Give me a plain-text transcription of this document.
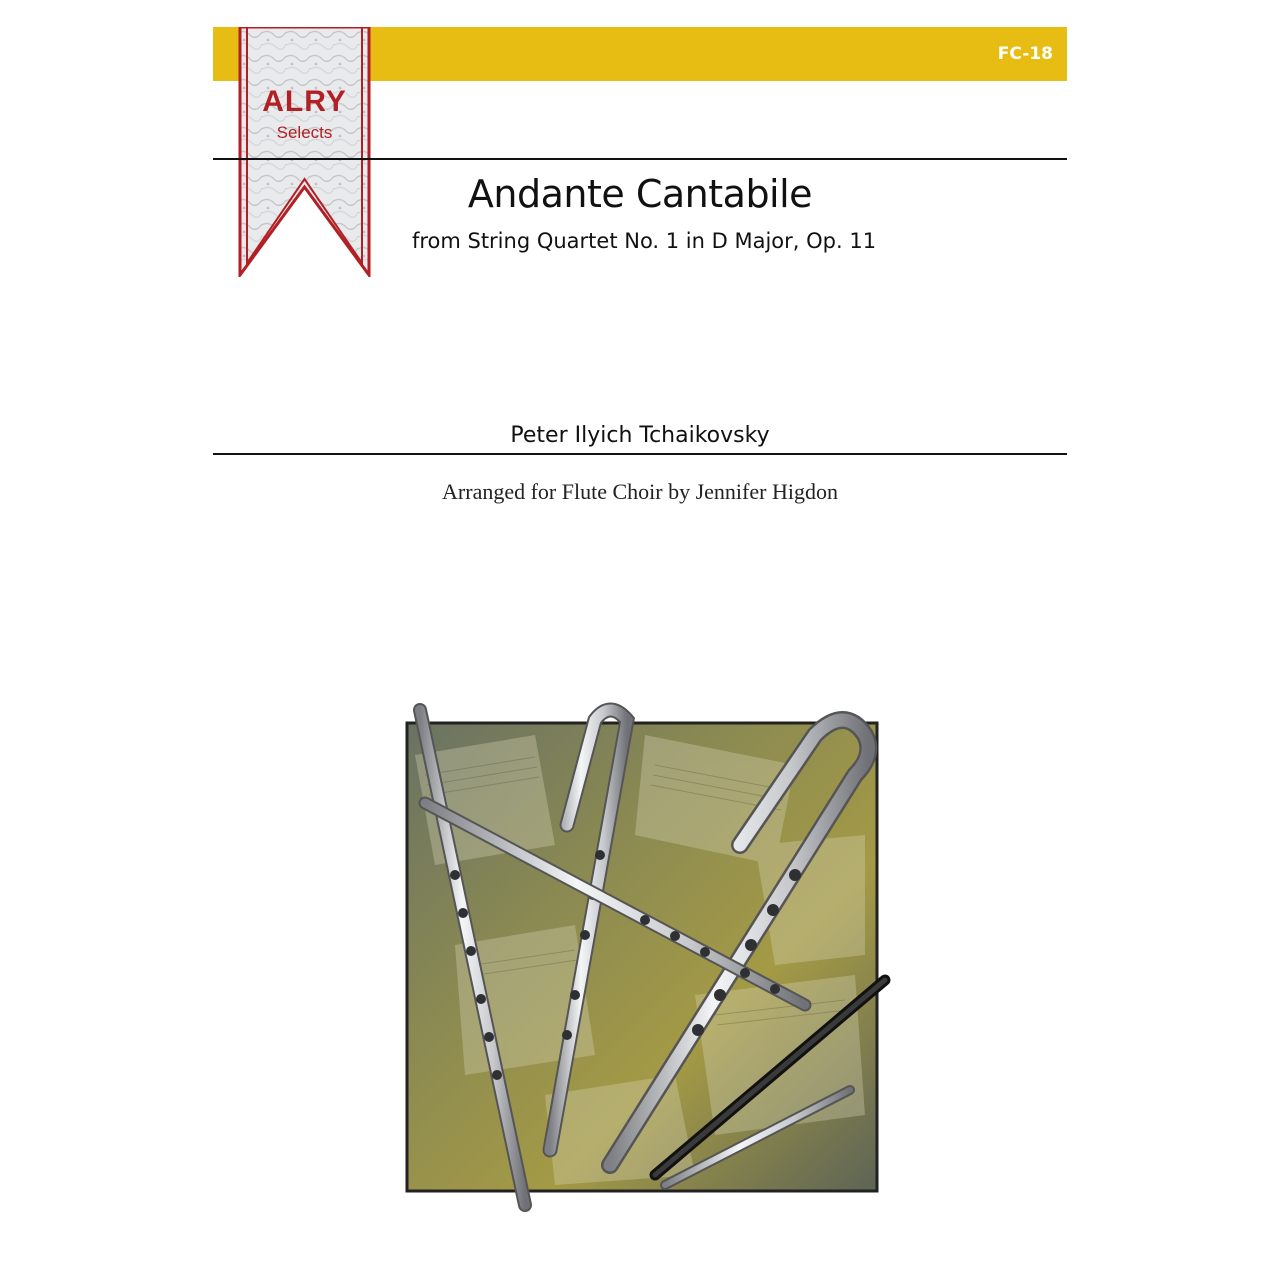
FC-18
ALRY
Selects
Andante Cantabile
from String Quartet No. 1 in D Major, Op. 11
Peter Ilyich Tchaikovsky
Arranged for Flute Choir by Jennifer Higdon
